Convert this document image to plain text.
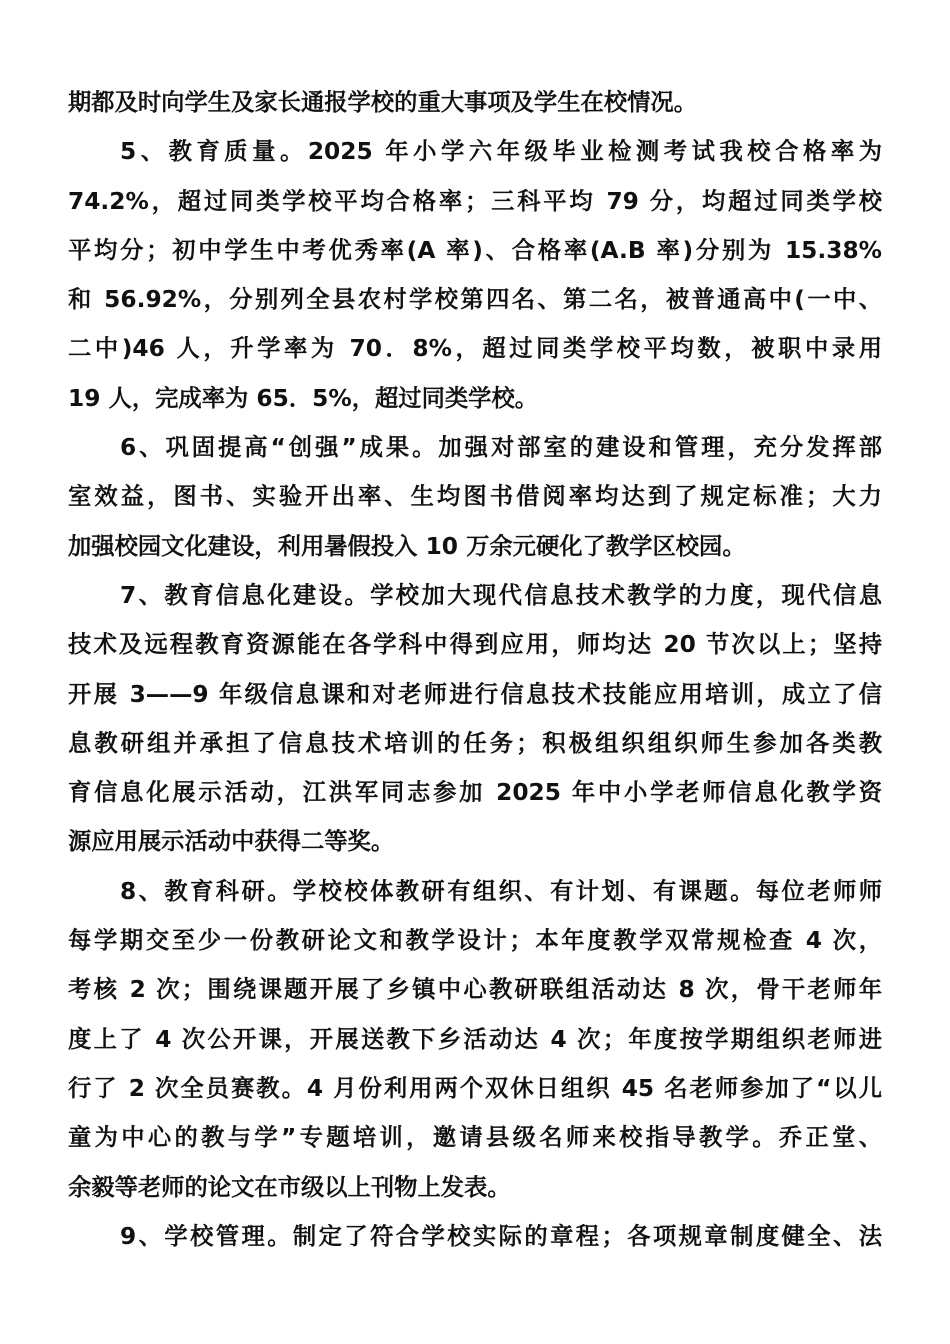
期都及时向学生及家长通报学校的重大事项及学生在校情况。
5、教育质量。2025 年小学六年级毕业检测考试我校合格率为
74.2%，超过同类学校平均合格率；三科平均 79 分，均超过同类学校
平均分；初中学生中考优秀率(A 率)、合格率(A.B 率)分别为 15.38%
和 56.92%，分别列全县农村学校第四名、第二名，被普通高中(一中、
二中)46 人，升学率为 70．8%，超过同类学校平均数，被职中录用
19 人，完成率为 65．5%，超过同类学校。
6、巩固提高“创强”成果。加强对部室的建设和管理，充分发挥部
室效益，图书、实验开出率、生均图书借阅率均达到了规定标准；大力
加强校园文化建设，利用暑假投入 10 万余元硬化了教学区校园。
7、教育信息化建设。学校加大现代信息技术教学的力度，现代信息
技术及远程教育资源能在各学科中得到应用，师均达 20 节次以上；坚持
开展 3——9 年级信息课和对老师进行信息技术技能应用培训，成立了信
息教研组并承担了信息技术培训的任务；积极组织组织师生参加各类教
育信息化展示活动，江洪军同志参加 2025 年中小学老师信息化教学资
源应用展示活动中获得二等奖。
8、教育科研。学校校体教研有组织、有计划、有课题。每位老师师
每学期交至少一份教研论文和教学设计；本年度教学双常规检查 4 次，
考核 2 次；围绕课题开展了乡镇中心教研联组活动达 8 次，骨干老师年
度上了 4 次公开课，开展送教下乡活动达 4 次；年度按学期组织老师进
行了 2 次全员赛教。4 月份利用两个双休日组织 45 名老师参加了“以儿
童为中心的教与学”专题培训，邀请县级名师来校指导教学。乔正堂、
余毅等老师的论文在市级以上刊物上发表。
9、学校管理。制定了符合学校实际的章程；各项规章制度健全、法
